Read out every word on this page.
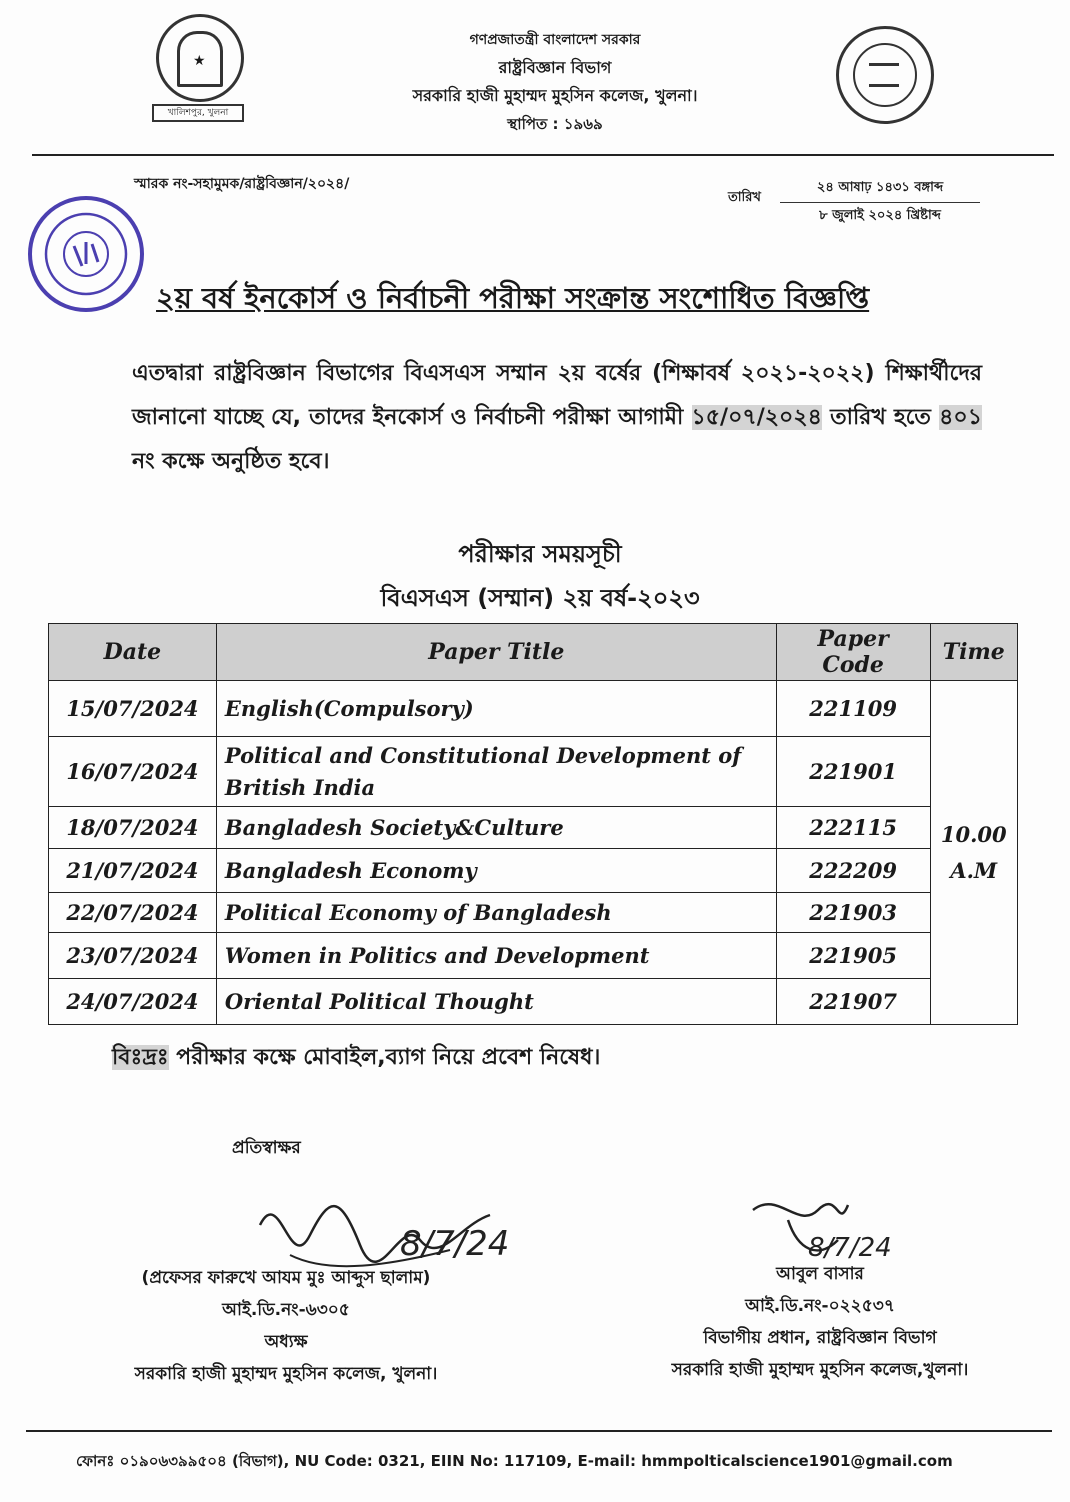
★
খালিশপুর, খুলনা
গণপ্রজাতন্ত্রী বাংলাদেশ সরকার
রাষ্ট্রবিজ্ঞান বিভাগ
সরকারি হাজী মুহাম্মদ মুহসিন কলেজ, খুলনা।
স্থাপিত : ১৯৬৯
স্মারক নং-সহামুমক/রাষ্ট্রবিজ্ঞান/২০২৪/
তারিখ
২৪ আষাঢ় ১৪৩১ বঙ্গাব্দ
৮ জুলাই ২০২৪ খ্রিষ্টাব্দ
২য় বর্ষ ইনকোর্স ও নির্বাচনী পরীক্ষা সংক্রান্ত সংশোধিত বিজ্ঞপ্তি
এতদ্বারা রাষ্ট্রবিজ্ঞান বিভাগের বিএসএস সম্মান ২য় বর্ষের (শিক্ষাবর্ষ ২০২১-২০২২) শিক্ষার্থীদের জানানো যাচ্ছে যে, তাদের ইনকোর্স ও নির্বাচনী পরীক্ষা আগামী ১৫/০৭/২০২৪ তারিখ হতে ৪০১ নং কক্ষে অনুষ্ঠিত হবে।
পরীক্ষার সময়সূচী
বিএসএস (সম্মান) ২য় বর্ষ-২০২৩
Date	Paper Title	Paper Code	Time
15/07/2024	English(Compulsory)	221109	10.00
A.M

16/07/2024	Political and Constitutional Development of British India	221901	
18/07/2024	Bangladesh Society&Culture	222115	
21/07/2024	Bangladesh Economy	222209	
22/07/2024	Political Economy of Bangladesh	221903	
23/07/2024	Women in Politics and Development	221905	
24/07/2024	Oriental Political Thought	221907	
বিঃদ্রঃ পরীক্ষার কক্ষে মোবাইল,ব্যাগ নিয়ে প্রবেশ নিষেধ।
প্রতিস্বাক্ষর
8/7/24
(প্রফেসর ফারুখে আযম মুঃ আব্দুস ছালাম)
আই.ডি.নং-৬৩০৫
অধ্যক্ষ
সরকারি হাজী মুহাম্মদ মুহসিন কলেজ, খুলনা।
8/7/24
আবুল বাসার
আই.ডি.নং-০২২৫৩৭
বিভাগীয় প্রধান, রাষ্ট্রবিজ্ঞান বিভাগ
সরকারি হাজী মুহাম্মদ মুহসিন কলেজ,খুলনা।
ফোনঃ ০১৯০৬৩৯৯৫০৪ (বিভাগ), NU Code: 0321, EIIN No: 117109, E-mail: hmmpolticalscience1901@gmail.com
